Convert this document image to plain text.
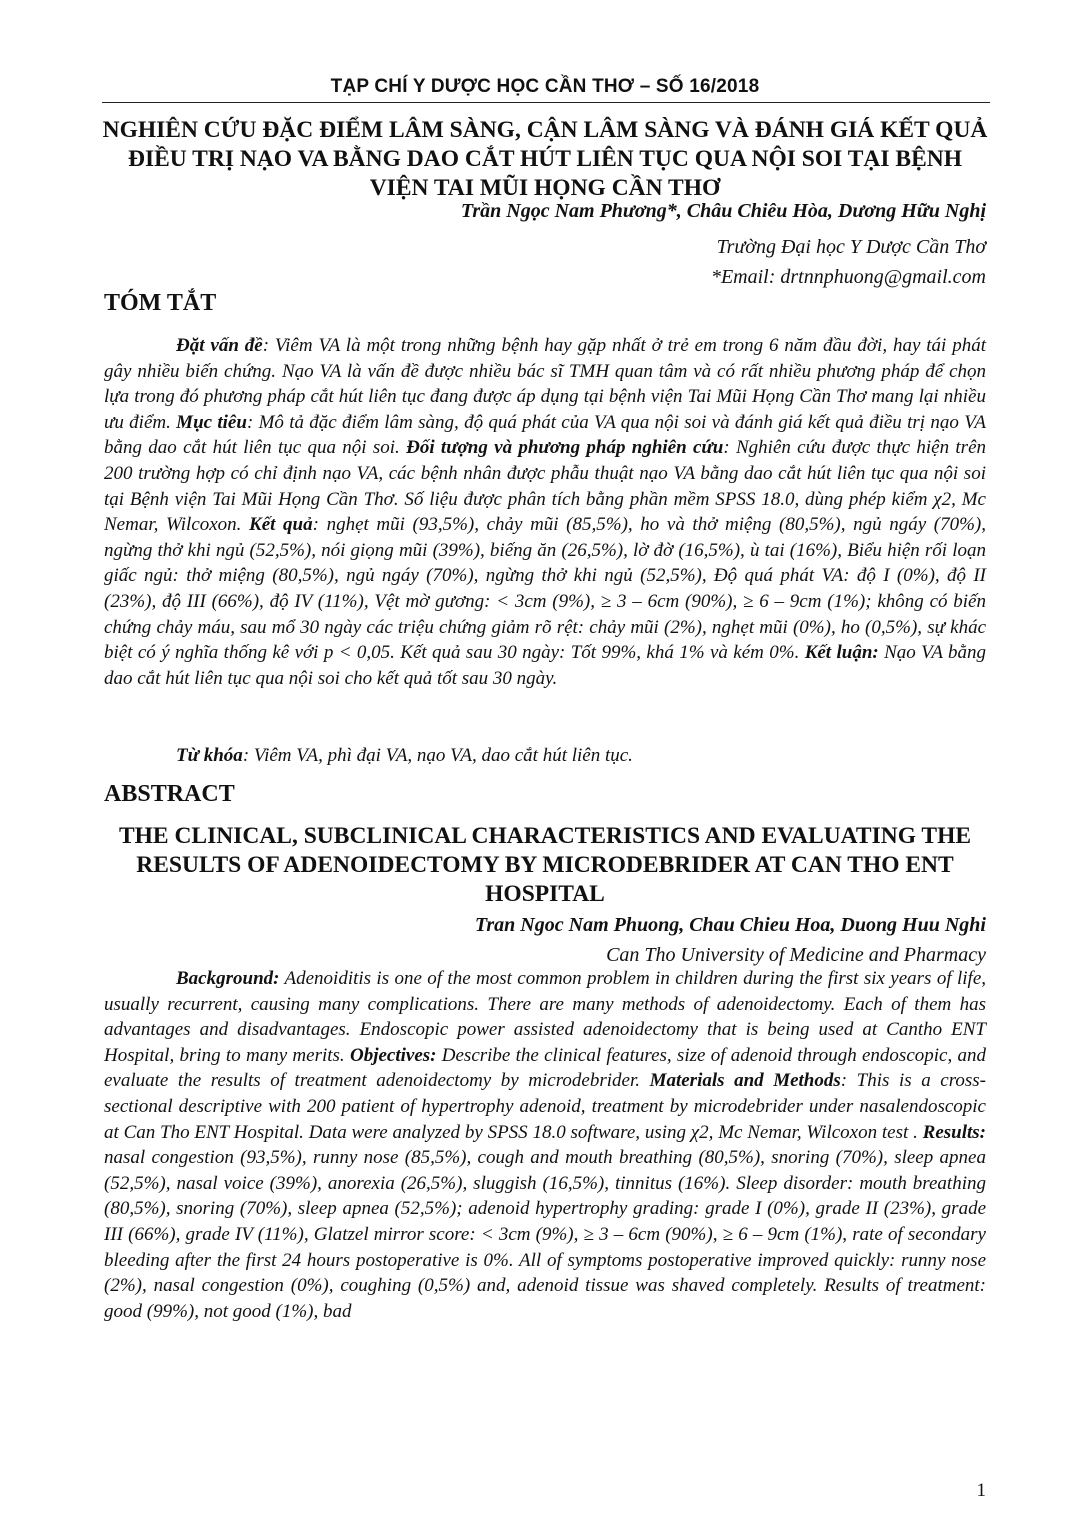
TẠP CHÍ Y DƯỢC HỌC CẦN THƠ – SỐ 16/2018
NGHIÊN CỨU ĐẶC ĐIỂM LÂM SÀNG, CẬN LÂM SÀNG VÀ ĐÁNH GIÁ KẾT QUẢ ĐIỀU TRỊ NẠO VA BẰNG DAO CẮT HÚT LIÊN TỤC QUA NỘI SOI TẠI BỆNH VIỆN TAI MŨI HỌNG CẦN THƠ
Trần Ngọc Nam Phương*, Châu Chiêu Hòa, Dương Hữu Nghị
Trường Đại học Y Dược Cần Thơ
*Email: drtnnphuong@gmail.com
TÓM TẮT
Đặt vấn đề: Viêm VA là một trong những bệnh hay gặp nhất ở trẻ em trong 6 năm đầu đời, hay tái phát gây nhiều biến chứng. Nạo VA là vấn đề được nhiều bác sĩ TMH quan tâm và có rất nhiều phương pháp để chọn lựa trong đó phương pháp cắt hút liên tục đang được áp dụng tại bệnh viện Tai Mũi Họng Cần Thơ mang lại nhiều ưu điểm. Mục tiêu: Mô tả đặc điểm lâm sàng, độ quá phát của VA qua nội soi và đánh giá kết quả điều trị nạo VA bằng dao cắt hút liên tục qua nội soi. Đối tượng và phương pháp nghiên cứu: Nghiên cứu được thực hiện trên 200 trường hợp có chỉ định nạo VA, các bệnh nhân được phẫu thuật nạo VA bằng dao cắt hút liên tục qua nội soi tại Bệnh viện Tai Mũi Họng Cần Thơ. Số liệu được phân tích bằng phần mềm SPSS 18.0, dùng phép kiểm χ2, Mc Nemar, Wilcoxon. Kết quả: nghẹt mũi (93,5%), chảy mũi (85,5%), ho và thở miệng (80,5%), ngủ ngáy (70%), ngừng thở khi ngủ (52,5%), nói giọng mũi (39%), biếng ăn (26,5%), lờ đờ (16,5%), ù tai (16%), Biểu hiện rối loạn giấc ngủ: thở miệng (80,5%), ngủ ngáy (70%), ngừng thở khi ngủ (52,5%), Độ quá phát VA: độ I (0%), độ II (23%), độ III (66%), độ IV (11%), Vệt mờ gương: < 3cm (9%), ≥ 3 – 6cm (90%), ≥ 6 – 9cm (1%); không có biến chứng chảy máu, sau mổ 30 ngày các triệu chứng giảm rõ rệt: chảy mũi (2%), nghẹt mũi (0%), ho (0,5%), sự khác biệt có ý nghĩa thống kê với p < 0,05. Kết quả sau 30 ngày: Tốt 99%, khá 1% và kém 0%. Kết luận: Nạo VA bằng dao cắt hút liên tục qua nội soi cho kết quả tốt sau 30 ngày.
Từ khóa: Viêm VA, phì đại VA, nạo VA, dao cắt hút liên tục.
ABSTRACT
THE CLINICAL, SUBCLINICAL CHARACTERISTICS AND EVALUATING THE RESULTS OF ADENOIDECTOMY BY MICRODEBRIDER AT CAN THO ENT HOSPITAL
Tran Ngoc Nam Phuong, Chau Chieu Hoa, Duong Huu Nghi
Can Tho University of Medicine and Pharmacy
Background: Adenoiditis is one of the most common problem in children during the first six years of life, usually recurrent, causing many complications. There are many methods of adenoidectomy. Each of them has advantages and disadvantages. Endoscopic power assisted adenoidectomy that is being used at Cantho ENT Hospital, bring to many merits. Objectives: Describe the clinical features, size of adenoid through endoscopic, and evaluate the results of treatment adenoidectomy by microdebrider. Materials and Methods: This is a cross-sectional descriptive with 200 patient of hypertrophy adenoid, treatment by microdebrider under nasalendoscopic at Can Tho ENT Hospital. Data were analyzed by SPSS 18.0 software, using χ2, Mc Nemar, Wilcoxon test . Results: nasal congestion (93,5%), runny nose (85,5%), cough and mouth breathing (80,5%), snoring (70%), sleep apnea (52,5%), nasal voice (39%), anorexia (26,5%), sluggish (16,5%), tinnitus (16%). Sleep disorder: mouth breathing (80,5%), snoring (70%), sleep apnea (52,5%); adenoid hypertrophy grading: grade I (0%), grade II (23%), grade III (66%), grade IV (11%), Glatzel mirror score: < 3cm (9%), ≥ 3 – 6cm (90%), ≥ 6 – 9cm (1%), rate of secondary bleeding after the first 24 hours postoperative is 0%. All of symptoms postoperative improved quickly: runny nose (2%), nasal congestion (0%), coughing (0,5%) and, adenoid tissue was shaved completely. Results of treatment: good (99%), not good (1%), bad
1
